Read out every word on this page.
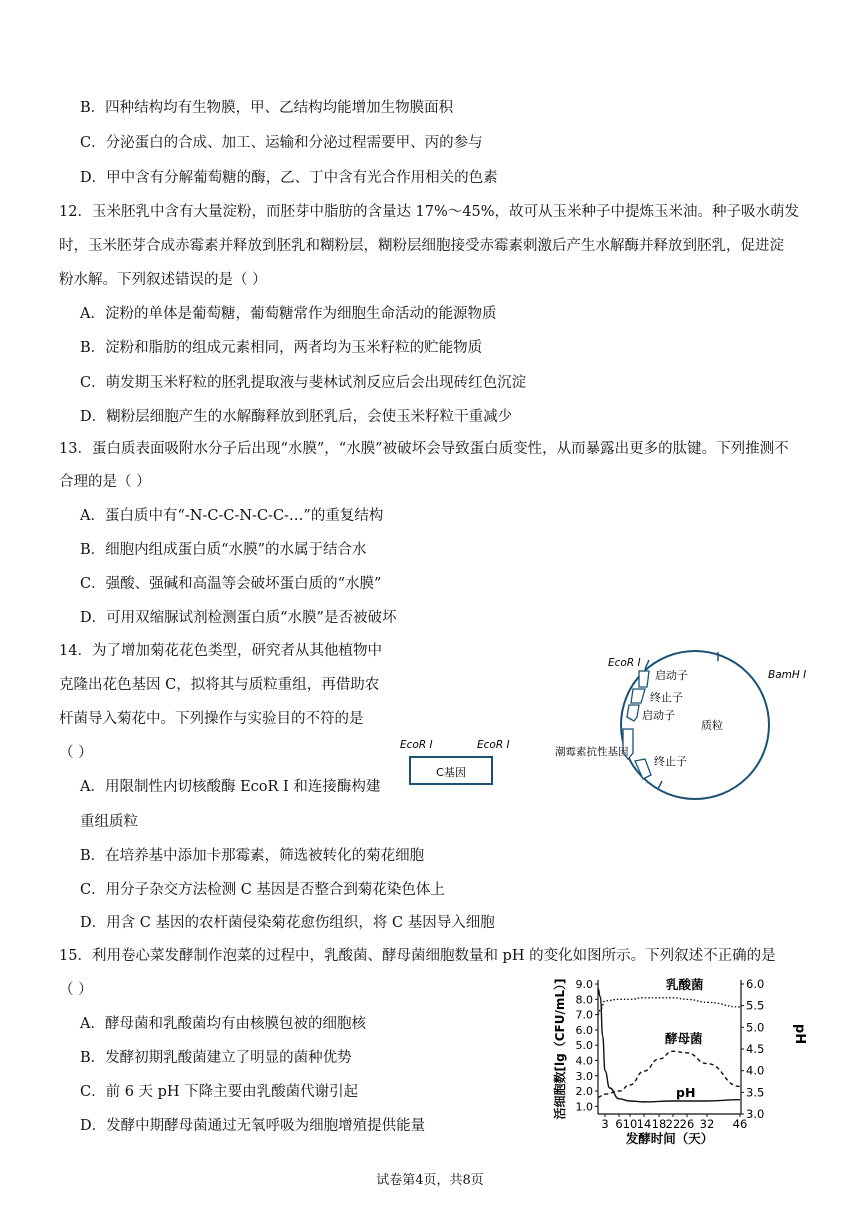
B．四种结构均有生物膜，甲、乙结构均能增加生物膜面积
C．分泌蛋白的合成、加工、运输和分泌过程需要甲、丙的参与
D．甲中含有分解葡萄糖的酶，乙、丁中含有光合作用相关的色素
12．玉米胚乳中含有大量淀粉，而胚芽中脂肪的含量达 17%～45%，故可从玉米种子中提炼玉米油。种子吸水萌发
时，玉米胚芽合成赤霉素并释放到胚乳和糊粉层，糊粉层细胞接受赤霉素刺激后产生水解酶并释放到胚乳，促进淀
粉水解。下列叙述错误的是（ ）
A．淀粉的单体是葡萄糖，葡萄糖常作为细胞生命活动的能源物质
B．淀粉和脂肪的组成元素相同，两者均为玉米籽粒的贮能物质
C．萌发期玉米籽粒的胚乳提取液与斐林试剂反应后会出现砖红色沉淀
D．糊粉层细胞产生的水解酶释放到胚乳后，会使玉米籽粒干重减少
13．蛋白质表面吸附水分子后出现“水膜”，“水膜”被破坏会导致蛋白质变性，从而暴露出更多的肽键。下列推测不
合理的是（ ）
A．蛋白质中有“-N-C-C-N-C-C-…”的重复结构
B．细胞内组成蛋白质“水膜”的水属于结合水
C．强酸、强碱和高温等会破坏蛋白质的“水膜”
D．可用双缩脲试剂检测蛋白质“水膜”是否被破坏
14．为了增加菊花花色类型，研究者从其他植物中
克隆出花色基因 C，拟将其与质粒重组，再借助农
杆菌导入菊花中。下列操作与实验目的不符的是
（ ）
A．用限制性内切核酸酶 EcoR I 和连接酶构建
重组质粒
B．在培养基中添加卡那霉素，筛选被转化的菊花细胞
C．用分子杂交方法检测 C 基因是否整合到菊花染色体上
D．用含 C 基因的农杆菌侵染菊花愈伤组织，将 C 基因导入细胞
EcoR I	EcoR I
C基因
EcoR I
BamH I
启动子
终止子
启动子
质粒
潮霉素抗性基因
终止子
15．利用卷心菜发酵制作泡菜的过程中，乳酸菌、酵母菌细胞数量和 pH 的变化如图所示。下列叙述不正确的是
（ ）
A．酵母菌和乳酸菌均有由核膜包被的细胞核
B．发酵初期乳酸菌建立了明显的菌种优势
C．前 6 天 pH 下降主要由乳酸菌代谢引起
D．发酵中期酵母菌通过无氧呼吸为细胞增殖提供能量
1.0
2.0
3.0
4.0
5.0
6.0
7.0
8.0
9.0
3.0
3.5
4.0
4.5
5.0
5.5
6.0
3 6 10 14 18 22 26 32 46
发酵时间（天）
活细胞数[lg（CFU/mL）]	pH
乳酸菌
酵母菌
pH
试卷第4页，共8页
